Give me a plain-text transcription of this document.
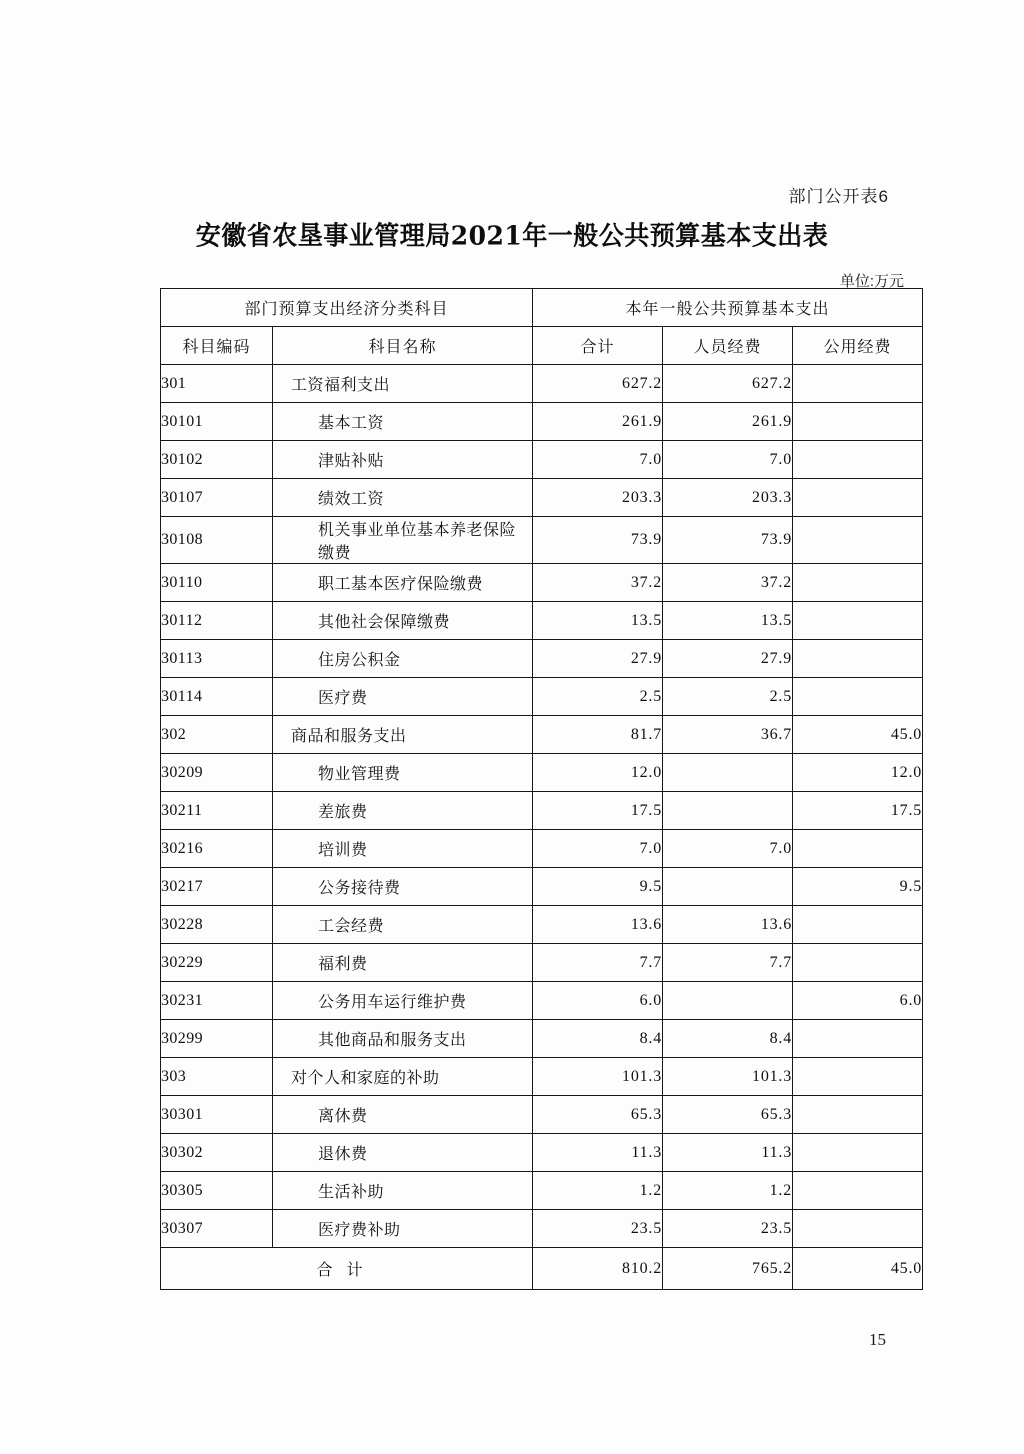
部门公开表6
安徽省农垦事业管理局2021年一般公共预算基本支出表
单位:万元
部门预算支出经济分类科目		本年一般公共预算基本支出		
科目编码	科目名称	合计	人员经费	公用经费
301	工资福利支出	627.2	627.2	
30101	基本工资	261.9	261.9	
30102	津贴补贴	7.0	7.0	
30107	绩效工资	203.3	203.3	
30108	机关事业单位基本养老保险缴费	73.9	73.9	
30110	职工基本医疗保险缴费	37.2	37.2	
30112	其他社会保障缴费	13.5	13.5	
30113	住房公积金	27.9	27.9	
30114	医疗费	2.5	2.5	
302	商品和服务支出	81.7	36.7	45.0
30209	物业管理费	12.0		12.0
30211	差旅费	17.5		17.5
30216	培训费	7.0	7.0	
30217	公务接待费	9.5		9.5
30228	工会经费	13.6	13.6	
30229	福利费	7.7	7.7	
30231	公务用车运行维护费	6.0		6.0
30299	其他商品和服务支出	8.4	8.4	
303	对个人和家庭的补助	101.3	101.3	
30301	离休费	65.3	65.3	
30302	退休费	11.3	11.3	
30305	生活补助	1.2	1.2	
30307	医疗费补助	23.5	23.5	
合计		810.2	765.2	45.0
15
